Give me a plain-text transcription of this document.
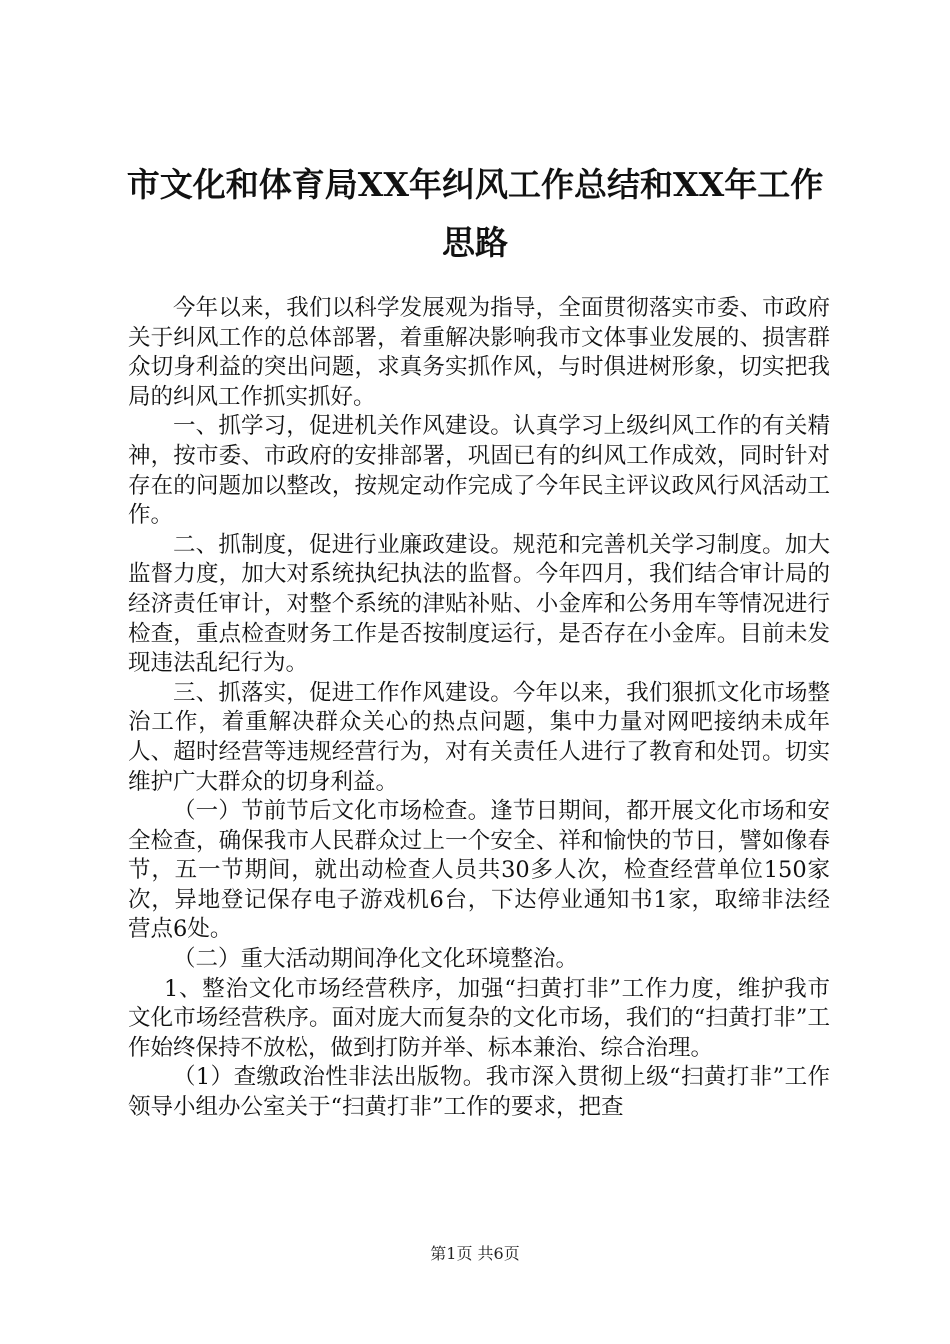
市文化和体育局XX年纠风工作总结和XX年工作思路

今年以来，我们以科学发展观为指导，全面贯彻落实市委、市政府关于纠风工作的总体部署，着重解决影响我市文体事业发展的、损害群众切身利益的突出问题，求真务实抓作风，与时俱进树形象，切实把我局的纠风工作抓实抓好。

一、抓学习，促进机关作风建设。认真学习上级纠风工作的有关精神，按市委、市政府的安排部署，巩固已有的纠风工作成效，同时针对存在的问题加以整改，按规定动作完成了今年民主评议政风行风活动工作。

二、抓制度，促进行业廉政建设。规范和完善机关学习制度。加大监督力度，加大对系统执纪执法的监督。今年四月，我们结合审计局的经济责任审计，对整个系统的津贴补贴、小金库和公务用车等情况进行检查，重点检查财务工作是否按制度运行，是否存在小金库。目前未发现违法乱纪行为。

三、抓落实，促进工作作风建设。今年以来，我们狠抓文化市场整治工作，着重解决群众关心的热点问题，集中力量对网吧接纳未成年人、超时经营等违规经营行为，对有关责任人进行了教育和处罚。切实维护广大群众的切身利益。

（一）节前节后文化市场检查。逢节日期间，都开展文化市场和安全检查，确保我市人民群众过上一个安全、祥和愉快的节日，譬如像春节，五一节期间，就出动检查人员共30多人次，检查经营单位150家次，异地登记保存电子游戏机6台，下达停业通知书1家，取缔非法经营点6处。

（二）重大活动期间净化文化环境整治。

1、整治文化市场经营秩序，加强“扫黄打非”工作力度，维护我市文化市场经营秩序。面对庞大而复杂的文化市场，我们的“扫黄打非”工作始终保持不放松，做到打防并举、标本兼治、综合治理。

（1）查缴政治性非法出版物。我市深入贯彻上级“扫黄打非”工作领导小组办公室关于“扫黄打非”工作的要求，把查

第1页 共6页
